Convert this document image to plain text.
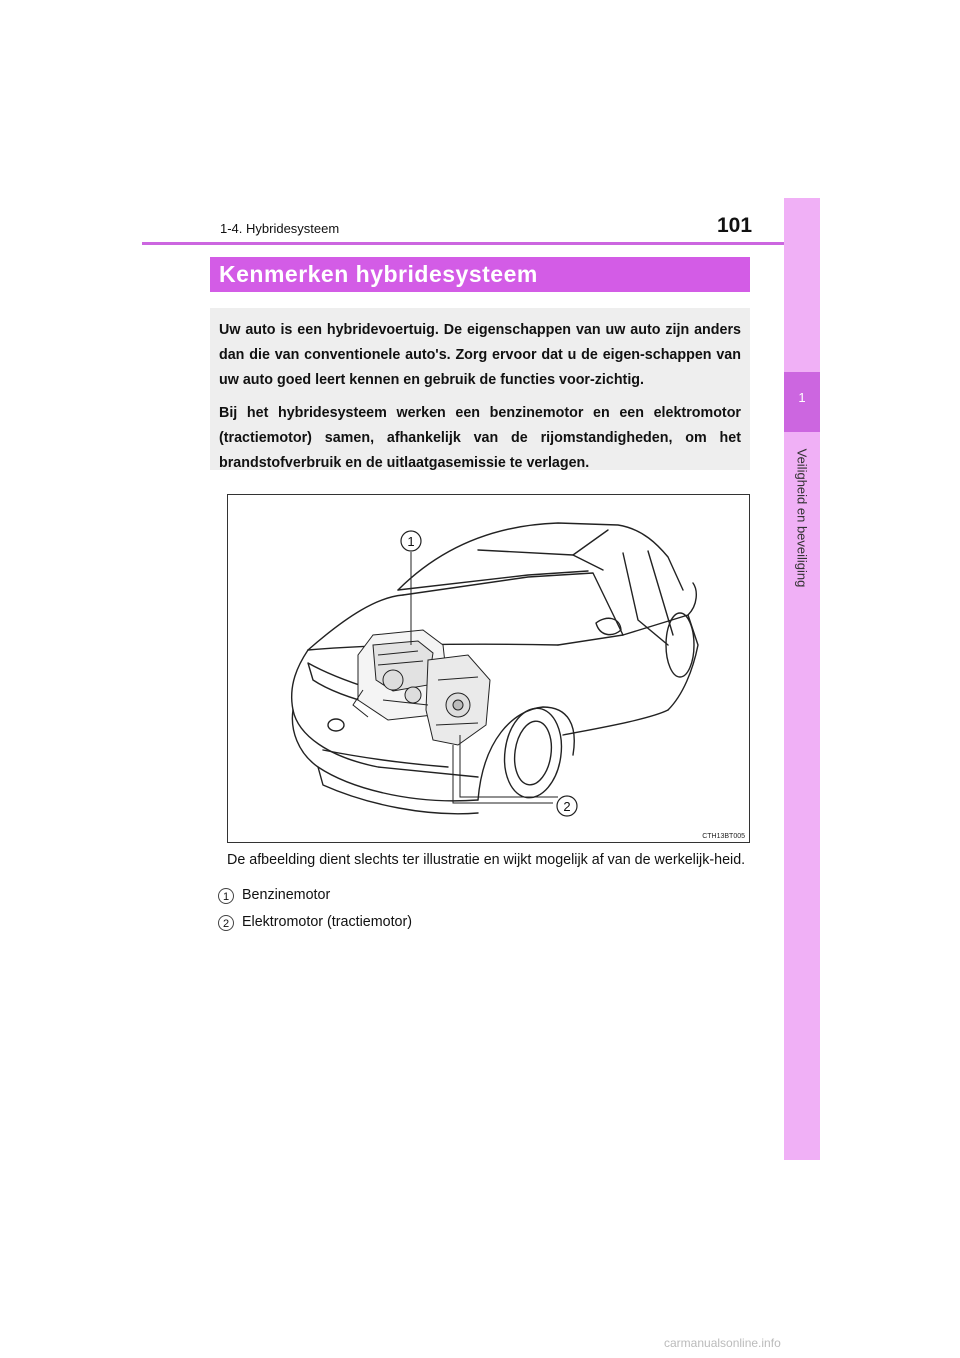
1-4. Hybridesysteem	101
1
Veiligheid en beveiliging
Kenmerken hybridesysteem

Uw auto is een hybridevoertuig. De eigenschappen van uw auto zijn anders dan die van conventionele auto's. Zorg ervoor dat u de eigen-schappen van uw auto goed leert kennen en gebruik de functies voor-zichtig.

Bij het hybridesysteem werken een benzinemotor en een elektromotor (tractiemotor) samen, afhankelijk van de rijomstandigheden, om het brandstofverbruik en de uitlaatgasemissie te verlagen.

1
2
CTH13BT005
De afbeelding dient slechts ter illustratie en wijkt mogelijk af van de werkelijk-heid.
1 Benzinemotor
2 Elektromotor (tractiemotor)
carmanualsonline.info
